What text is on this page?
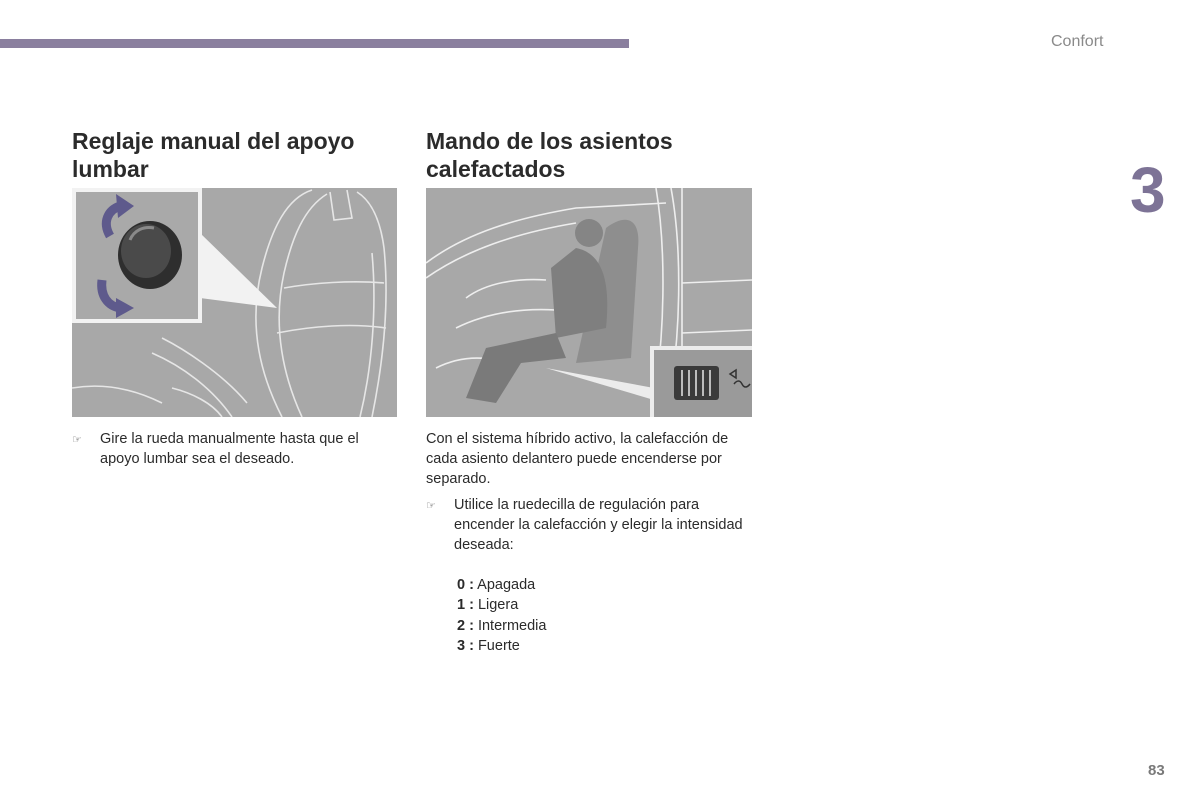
Confort
3
Reglaje manual del apoyo lumbar
☞ Gire la rueda manualmente hasta que el apoyo lumbar sea el deseado.

Mando de los asientos calefactados

Con el sistema híbrido activo, la calefacción de cada asiento delantero puede encenderse por separado.

☞ Utilice la ruedecilla de regulación para encender la calefacción y elegir la intensidad deseada:

0 : Apagada
1 : Ligera
2 : Intermedia
3 : Fuerte
83
